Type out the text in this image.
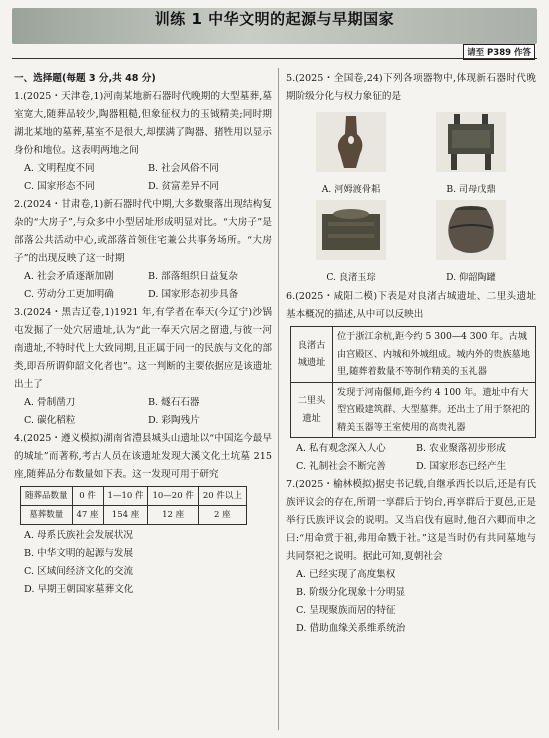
训练 1 中华文明的起源与早期国家
请至 P389 作答
一、选择题(每题 3 分,共 48 分)
1.(2025・天津卷,1)河南某地新石器时代晚期的大型墓葬,墓室宽大,随葬品较少,陶器粗糙,但象征权力的玉钺精美;同时期湖北某地的墓葬,墓室不是很大,却摆满了陶器、猪牲用以显示身份和地位。这表明两地之间
A. 文明程度不同	B. 社会风俗不同
C. 国家形态不同	D. 贫富差异不同
2.(2024・甘肃卷,1)新石器时代中期,大多数聚落出现结构复杂的“大房子”,与众多中小型居址形成明显对比。“大房子”是部落公共活动中心,或部落首领住宅兼公共事务场所。“大房子”的出现反映了这一时期
A. 社会矛盾逐渐加剧	B. 部落组织日益复杂
C. 劳动分工更加明确	D. 国家形态初步具备
3.(2024・黑吉辽卷,1)1921 年,有学者在奉天(今辽宁)沙锅屯发掘了一处穴居遗址,认为“此一奉天穴居之留遗,与彼一河南遗址,不特时代上大致同期,且正属于同一的民族与文化的部类,即吾所谓仰韶文化者也”。这一判断的主要依据应是该遗址出土了
A. 骨制凿刀	B. 燧石石器
C. 碳化稻粒	D. 彩陶残片
4.(2025・遵义模拟)湖南省澧县城头山遗址以“中国迄今最早的城址”而著称,考古人员在该遗址发现大溪文化土坑墓 215 座,随葬品分布数量如下表。这一发现可用于研究
随葬品数量	0 件	1—10 件	10—20 件	20 件以上
墓葬数量	47 座	154 座	12 座	2 座
A. 母系氏族社会发展状况
B. 中华文明的起源与发展
C. 区域间经济文化的交流
D. 早期王朝国家墓葬文化
5.(2025・全国卷,24)下列各项器物中,体现新石器时代晚期阶级分化与权力象征的是
A. 河姆渡骨耜	B. 司母戊鼎
C. 良渚玉琮	D. 仰韶陶罐
6.(2025・咸阳二模)下表是对良渚古城遗址、二里头遗址基本概况的描述,从中可以反映出
良渚古城遗址	位于浙江余杭,距今约 5 300—4 300 年。古城由宫殿区、内城和外城组成。城内外的贵族墓地里,随葬着数量不等制作精美的玉礼器
二里头遗址	发现于河南偃师,距今约 4 100 年。遗址中有大型宫殿建筑群、大型墓葬。还出土了用于祭祀的精美玉器等王室使用的高贵礼器
A. 私有观念深入人心	B. 农业聚落初步形成
C. 礼制社会不断完善	D. 国家形态已经产生
7.(2025・榆林模拟)据史书记载,自继承西长以后,还是有氏族评议会的存在,所谓一享群后于钧台,再享群后于夏邑,正是举行氏族评议会的说明。又当启伐有扈时,他召六卿而申之曰:“用命赏于祖,弗用命戮于社。”这是当时仍有共同墓地与共同祭祀之说明。据此可知,夏朝社会
A. 已经实现了高度集权
B. 阶级分化现象十分明显
C. 呈现聚族而居的特征
D. 借助血缘关系维系统治
